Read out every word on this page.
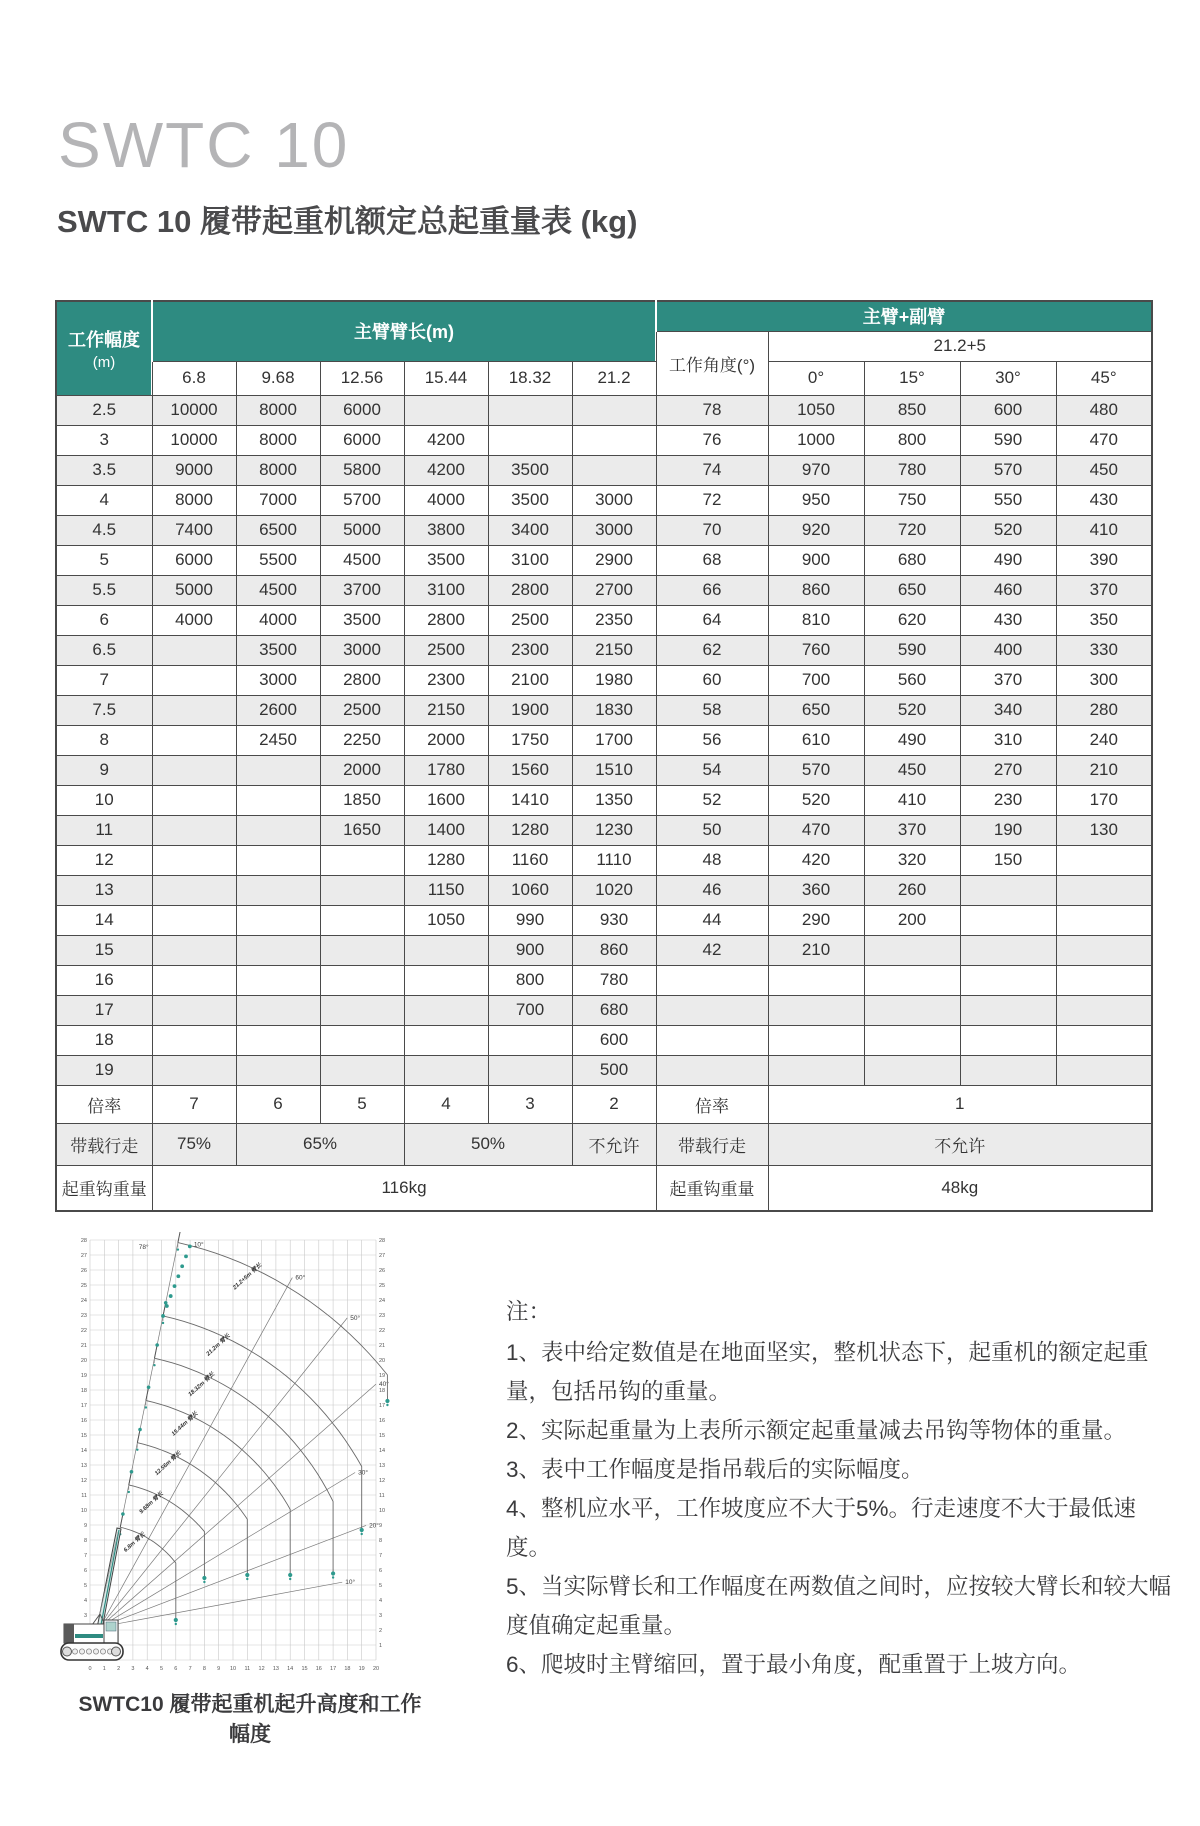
SWTC 10
SWTC 10 履带起重机额定总起重量表 (kg)
工作幅度
(m)	主臂臂长(m)						主臂+副臂				
							工作角度(°)	21.2+5			
	6.8	9.68	12.56	15.44	18.32	21.2		0°	15°	30°	45°
2.5	10000	8000	6000				78	1050	850	600	480
3	10000	8000	6000	4200			76	1000	800	590	470
3.5	9000	8000	5800	4200	3500		74	970	780	570	450
4	8000	7000	5700	4000	3500	3000	72	950	750	550	430
4.5	7400	6500	5000	3800	3400	3000	70	920	720	520	410
5	6000	5500	4500	3500	3100	2900	68	900	680	490	390
5.5	5000	4500	3700	3100	2800	2700	66	860	650	460	370
6	4000	4000	3500	2800	2500	2350	64	810	620	430	350
6.5		3500	3000	2500	2300	2150	62	760	590	400	330
7		3000	2800	2300	2100	1980	60	700	560	370	300
7.5		2600	2500	2150	1900	1830	58	650	520	340	280
8		2450	2250	2000	1750	1700	56	610	490	310	240
9			2000	1780	1560	1510	54	570	450	270	210
10			1850	1600	1410	1350	52	520	410	230	170
11			1650	1400	1280	1230	50	470	370	190	130
12				1280	1160	1110	48	420	320	150	
13				1150	1060	1020	46	360	260		
14				1050	990	930	44	290	200		
15					900	860	42	210			
16					800	780					
17					700	680					
18						600					
19						500					
倍率	7	6	5	4	3	2	倍率	1			
带载行走	75%	65%		50%		不允许	带载行走	不允许			
起重钩重量	116kg						起重钩重量	48kg			
0 1 2 3 4 5 6 7 8 9 10 11 12 13 14 15 16 17 18 19 20
1
2
3	3
4	4
5	5
6	6
7	7
8	8
9	9
10	10
11	11
12	12
13	13
14	14
15	15
16	16
17	17
18	18
19	19
20	20
21	21
22	22
23	23
24	24
25	25
26	26
27	27
28	28
78°
60°
50°
40°
30°
20°
10°
6.8m 臂长
9.68m 臂长
12.56m 臂长
15.44m 臂长
18.32m 臂长
21.2m 臂长
21.2+5m 臂长
10°
SWTC10 履带起重机起升高度和工作幅度
注：
1、表中给定数值是在地面坚实，整机状态下，起重机的额定起重量，包括吊钩的重量。
2、实际起重量为上表所示额定起重量减去吊钩等物体的重量。
3、表中工作幅度是指吊载后的实际幅度。
4、整机应水平，工作坡度应不大于5%。行走速度不大于最低速度。
5、当实际臂长和工作幅度在两数值之间时，应按较大臂长和较大幅度值确定起重量。
6、爬坡时主臂缩回，置于最小角度，配重置于上坡方向。
